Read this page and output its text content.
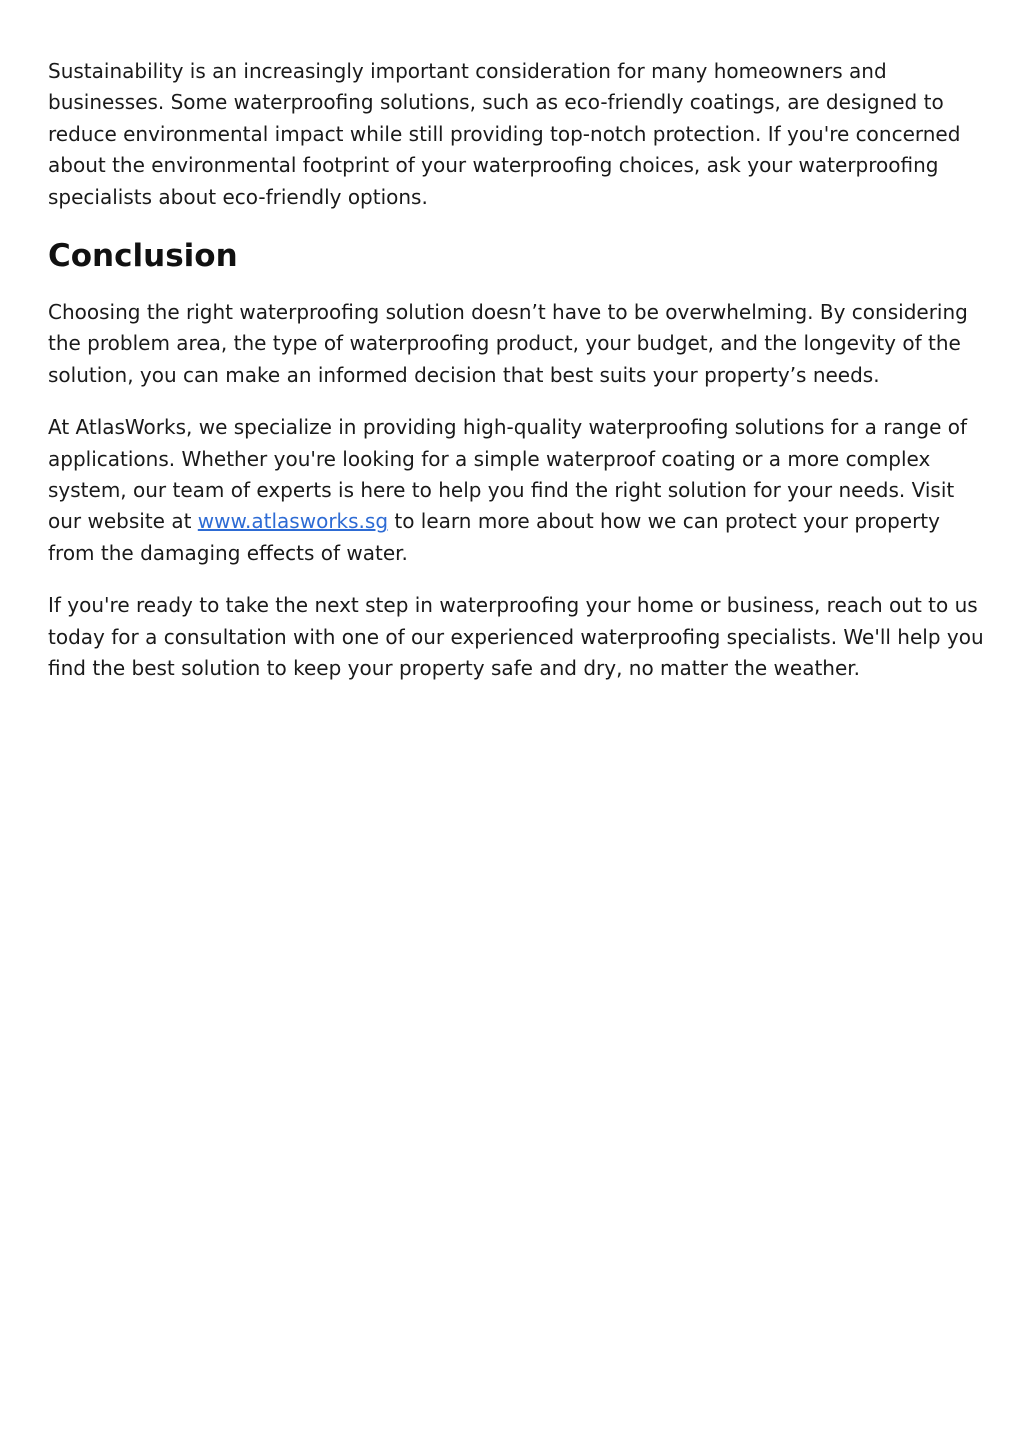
Sustainability is an increasingly important consideration for many homeowners and businesses. Some waterproofing solutions, such as eco-friendly coatings, are designed to reduce environmental impact while still providing top-notch protection. If you're concerned about the environmental footprint of your waterproofing choices, ask your waterproofing specialists about eco-friendly options.

Conclusion

Choosing the right waterproofing solution doesn’t have to be overwhelming. By considering the problem area, the type of waterproofing product, your budget, and the longevity of the solution, you can make an informed decision that best suits your property’s needs.

At AtlasWorks, we specialize in providing high-quality waterproofing solutions for a range of applications. Whether you're looking for a simple waterproof coating or a more complex system, our team of experts is here to help you find the right solution for your needs. Visit our website at www.atlasworks.sg to learn more about how we can protect your property from the damaging effects of water.

If you're ready to take the next step in waterproofing your home or business, reach out to us today for a consultation with one of our experienced waterproofing specialists. We'll help you find the best solution to keep your property safe and dry, no matter the weather.
